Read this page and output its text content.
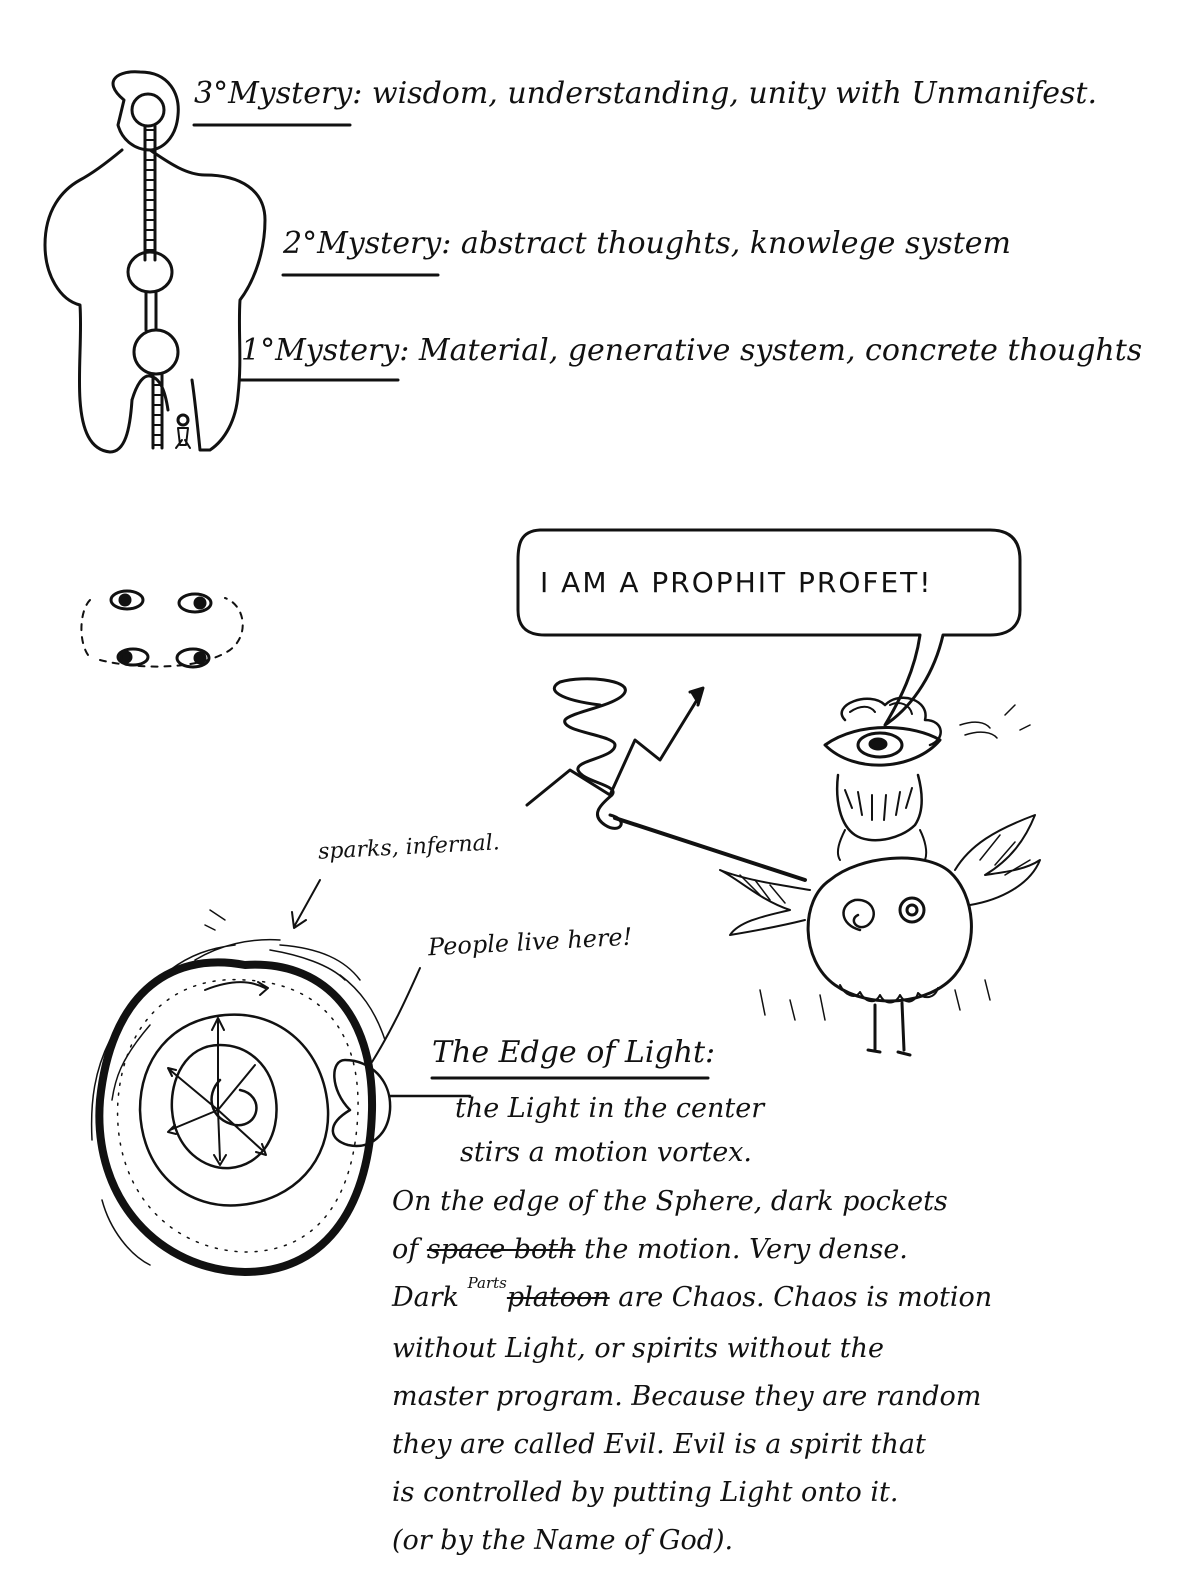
3°Mystery: wisdom, understanding, unity with Unmanifest.
2°Mystery: abstract thoughts, knowlege system
1°Mystery: Material, generative system, concrete thoughts
I AM A PROPHIT PROFET!
sparks, infernal.
People live here!
The Edge of Light:
the Light in the center
stirs a motion vortex.
On the edge of the Sphere, dark pockets
of space both the motion. Very dense.
Dark $^{Parts}$platoon are Chaos. Chaos is motion
without Light, or spirits without the
master program. Because they are random
they are called Evil. Evil is a spirit that
is controlled by putting Light onto it.
(or by the Name of God).
